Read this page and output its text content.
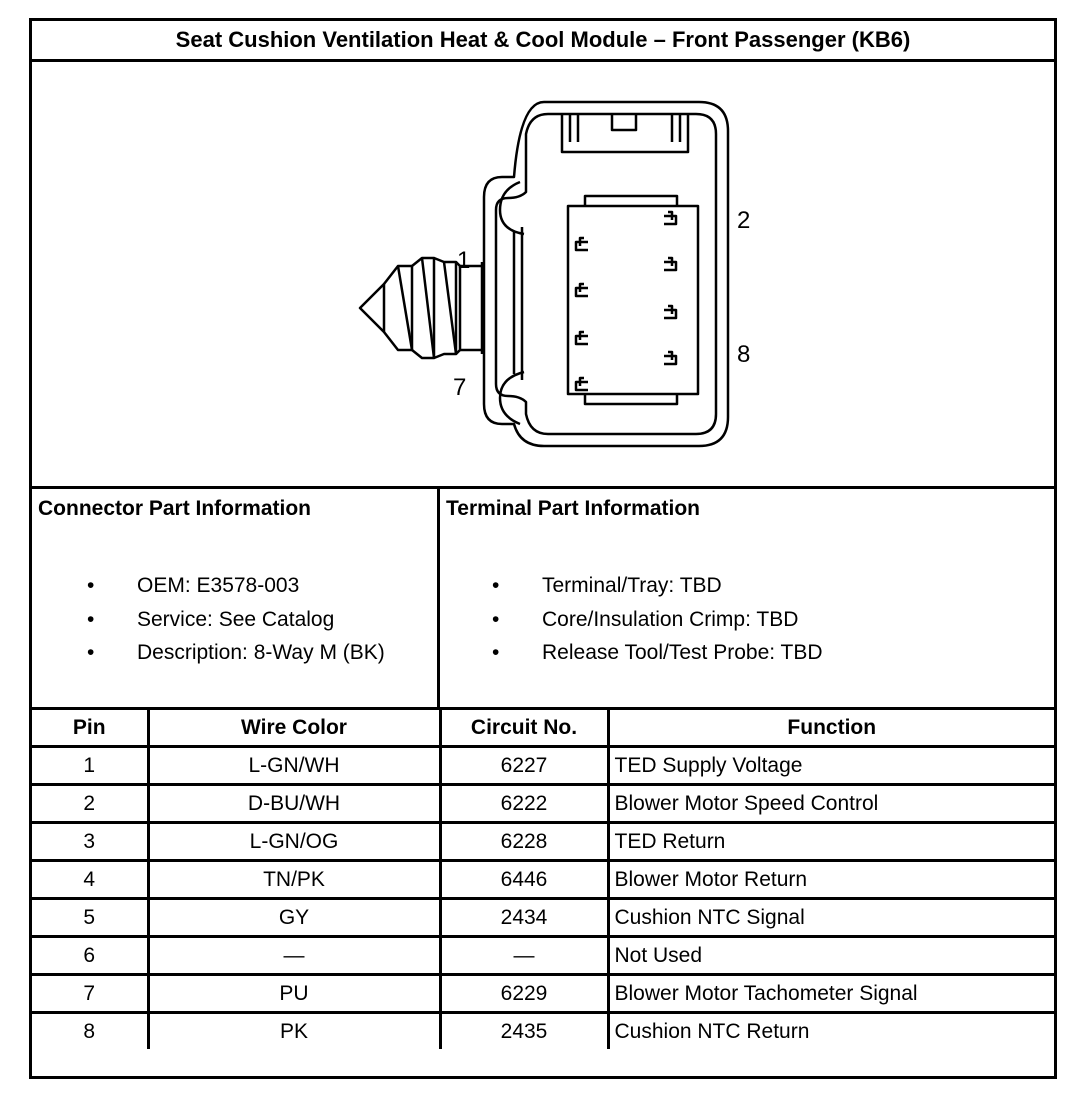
Seat Cushion Ventilation Heat & Cool Module – Front Passenger (KB6)
1
7
2
8
Connector Part Information
• OEM: E3578-003
• Service: See Catalog
• Description: 8-Way M (BK)
Terminal Part Information
• Terminal/Tray: TBD
• Core/Insulation Crimp: TBD
• Release Tool/Test Probe: TBD
Pin	Wire Color	Circuit No.	Function
1	L-GN/WH	6227	TED Supply Voltage
2	D-BU/WH	6222	Blower Motor Speed Control
3	L-GN/OG	6228	TED Return
4	TN/PK	6446	Blower Motor Return
5	GY	2434	Cushion NTC Signal
6	—	—	Not Used
7	PU	6229	Blower Motor Tachometer Signal
8	PK	2435	Cushion NTC Return
